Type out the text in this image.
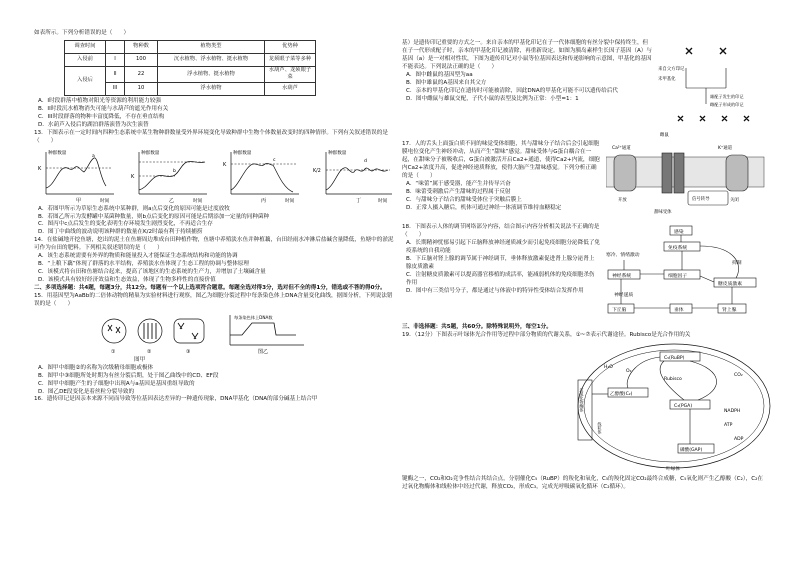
如表所示。下列分析错误的是（　　）

调查时间		物种数	植物类型	优势种
入侵前	I	100	沉水植物、浮水植物、挺水植物	龙须眼子菜等多种
入侵后	II	22	浮水植物、挺水植物	水葫芦、龙须眼子菜
	III	10	浮水植物	水葫芦

A．I时段群落中植物对阳光等资源的利用能力较强

B．II时段沉水植物消失可能与水葫芦的遮光作用有关

C．III时段群落的物种丰富度降低，不存在垂直结构

D．水葫芦入侵后的湖泊群落演替为次生演替

13．下图表示在一定时间内四种生态系统中某生物种群数量受外界环境变化导致种群中生物个体数量改变时的四种情形。下列有关叙述错误的是（　　）

K
种群数量
时间
a
甲
K
种群数量
时间
b
乙
K
种群数量
时间
c
丙
K/2
种群数量
时间
d
丁

A．若图甲所示为草原生态系统中某种群，则a点后变化的原因可能是过度放牧

B．若图乙所示为发酵罐中某菌种数量，则b点后变化的原因可能是后期添加一定量的同种菌种

C．图丙中c点后发生的变化表明生存环境发生剧烈变化，不再适合生存

D．图丁中曲线的波动说明该种群的数量在K/2时最有利于持续捕捞

14．在盐碱地开挖鱼塘，挖出的泥土在鱼塘周边堆成台田种植作物，鱼塘中养殖淡水鱼并种植藕，台田经雨水冲淋后盐碱含量降低，鱼塘中的淤泥可作为台田的肥料。下列相关叙述错误的是（　　）

A．该生态系统需要有外界的物质和能量投入才能保证生态系统结构和功能的协调

B．“上粮下藕”体现了群落的水平结构，养殖淡水鱼体现了生态工程的协调与整体原理

C．该模式将台田和鱼塘结合起来，提高了该地区的生态系统的生产力，并增加了土壤碱含量

D．该模式具有较好经济效益和生态效益，体现了生物多样性的直接价值

二、多项选择题：共4题，每题3分，共12分。每题有一个以上选项符合题意。每题全选对得3分，选对但不全的得1分，错选或不答的得0分。

15．用基因型为AaBb的二倍体动物的精巢为实验材料进行观察，图乙为细胞分裂过程中每条染色体上DNA含量变化曲线，据图分析，下列说法错误的是（　　）

①	②	③
每条染色体上DNA数
图乙

图甲

A．图甲中细胞②的名称为次级精母细胞或极体

B．图甲中③细胞所处时期为有丝分裂后期，处于图乙曲线中的CD、EF段

C．图甲中细胞产生的子细胞中出现A与a基因是基因重组导致的

D．图乙DE段变化是着丝粒分裂导致的

16．遗传印记是因亲本来源不同而导致等位基因表达差异的一种遗传现象，DNA甲基化（DNA的部分碱基上结合甲

基）是遗传印记重要的方式之一。来自亲本的甲基化印记在子一代体细胞的有丝分裂中保持终生，但在子一代形成配子时，亲本的甲基化印记被清除，再重新设定。如图为胰岛素样生长因子基因（A）与基因（a）是一对相对性状，下图为遗传印记对小鼠等位基因表达和传递影响的示意图，甲基化的基因不能表达。下列说法正确的是（　　）

A．图中雌鼠的基因型为aa

B．图中雄鼠的A基因来自其父方

C．亲本的甲基化印记在遗传时可能被清除，因此DNA的甲基化可能不可以遗传给后代

D．图中雌鼠与雄鼠交配，子代小鼠的表型及比例为正常：小型=1：1

来自父方印记
未甲基化
雄配子发生的印记
雌配子形成的印记
雌鼠

17．人的舌头上面蛋白质不同的味觉受体细胞，其与甜味分子结合后会引起细胞膜电位变化产生神经冲动，从而产生“甜味”感觉。甜味受体与G蛋白耦合在一起，在甜味分子被吸收后，G蛋白被激活开启Ca2+通道，使得Ca2+内流，细胞内Ca2+浓度升高，促进神经递质释放，使得大脑产生甜味感觉。下列分析正确的是（　　）

A．“味蕾”属于感受器，能产生并传导兴奋

B．味蕾受刺激后产生甜味的过程属于反射

C．与甜味分子结合的甜味受体位于突触后膜上

D．正常人摄入糖后，机体可通过神经一体液调节维持血糖稳定

信号转导
Ca²⁺通道	K⁺通道
甜味受体
开放	关闭

18．下图表示人体的调节网络部分内容，结合图示内容分析相关说法不正确的是（　　）

A．长期精神忧郁易引起下丘脑释放神经递质减少而引起免疫细胞分泌降低了免疫系统的自我功能

B．下丘脑对肾上腺的调节属于神经调节，垂体释放激素促进肾上腺分泌肾上腺皮质激素

C．注射糖皮质激素可以提高器官移植的成活率，能减弱机体的免疫细胞杀伤作用

D．图中有三类信号分子，都是通过与体液中的特异性受体结合发挥作用

感染
免疫系统
寒冷、情绪激动
神经系统	细胞因子
糖皮质激素
下丘脑	垂体	肾上腺
抑制
神经递质

三、非选择题：共5题，共60分。除特殊说明外，每空1分。

19．（12分）下图表示叶绿体光合作用等过程中部分物质的代谢关系，①~⑦表示代谢途径。Rubisco是光合作用的关

C₅(RuBP)
C₃(PGA)
乙醇酸(C₂)
磷酸(GAP)
CO₂
O₂
H₂O
Rubisco
NADPH
ATP
ADP
叶绿体
过氧化物酶体
线粒体

键酶之一，CO₂和O₂竞争性结合其结合点，分别催化C₅（RuBP）的羧化和氧化，C₅的羧化固定CO₂最终合成糖，C₅氧化则产生乙醇酸（C₂），C₂在过氧化物酶体和线粒体中经过代谢，释放CO₂，形成C₃，完成光呼吸碳氧化循环（C₂循环）。
